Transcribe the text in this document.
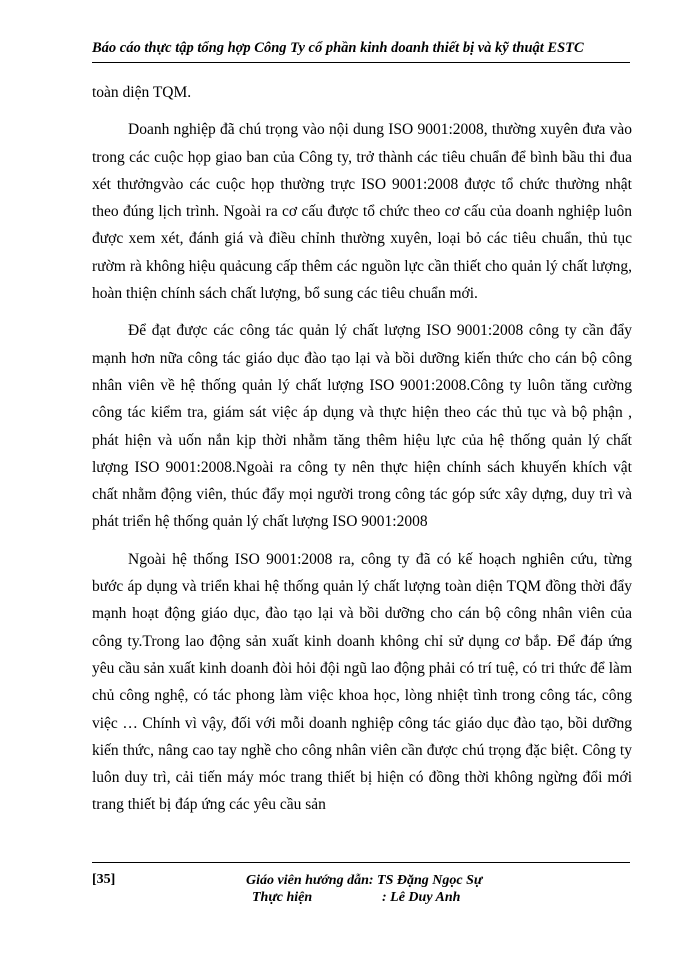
Báo cáo thực tập tổng hợp Công Ty cổ phần kinh doanh thiết bị và kỹ thuật ESTC

toàn diện TQM.

Doanh nghiệp đã chú trọng vào nội dung ISO 9001:2008, thường xuyên đưa vào trong các cuộc họp giao ban của Công ty, trở thành các tiêu chuẩn để bình bầu thi đua xét thưởngvào các cuộc họp thường trực ISO 9001:2008 được tổ chức thường nhật theo đúng lịch trình. Ngoài ra cơ cấu được tổ chức theo cơ cấu của doanh nghiệp luôn được xem xét, đánh giá và điều chỉnh thường xuyên, loại bỏ các tiêu chuẩn, thủ tục rườm rà không hiệu quảcung cấp thêm các nguồn lực cần thiết cho quản lý chất lượng, hoàn thiện chính sách chất lượng, bổ sung các tiêu chuẩn mới.

Để đạt được các công tác quản lý chất lượng ISO 9001:2008 công ty cần đẩy mạnh hơn nữa công tác giáo dục đào tạo lại và bồi dưỡng kiến thức cho cán bộ công nhân viên về hệ thống quản lý chất lượng ISO 9001:2008.Công ty luôn tăng cường công tác kiểm tra, giám sát việc áp dụng và thực hiện theo các thủ tục và bộ phận , phát hiện và uốn nắn kịp thời nhằm tăng thêm hiệu lực của hệ thống quản lý chất lượng ISO 9001:2008.Ngoài ra công ty nên thực hiện chính sách khuyến khích vật chất nhằm động viên, thúc đẩy mọi người trong công tác góp sức xây dựng, duy trì và phát triển hệ thống quản lý chất lượng ISO 9001:2008

Ngoài hệ thống ISO 9001:2008 ra, công ty đã có kế hoạch nghiên cứu, từng bước áp dụng và triển khai hệ thống quản lý chất lượng toàn diện TQM đồng thời đẩy mạnh hoạt động giáo dục, đào tạo lại và bồi dưỡng cho cán bộ công nhân viên của công ty.Trong lao động sản xuất kinh doanh không chỉ sử dụng cơ bắp. Để đáp ứng yêu cầu sản xuất kinh doanh đòi hỏi đội ngũ lao động phải có trí tuệ, có tri thức để làm chủ công nghệ, có tác phong làm việc khoa học, lòng nhiệt tình trong công tác, công việc … Chính vì vậy, đối với mỗi doanh nghiệp công tác giáo dục đào tạo, bồi dưỡng kiến thức, nâng cao tay nghề cho công nhân viên cần được chú trọng đặc biệt. Công ty luôn duy trì, cải tiến máy móc trang thiết bị hiện có đồng thời không ngừng đổi mới trang thiết bị đáp ứng các yêu cầu sản

[35]	Giáo viên hướng dẫn: TS Đặng Ngọc Sự
Thực hiện	: Lê Duy Anh
